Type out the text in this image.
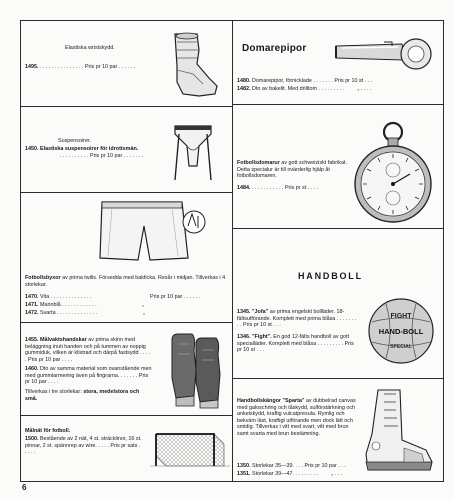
Elastiska wristskydd.
1495. . . . . . . . . . . . . . . . Pris pr 10 par . . . . . .
Suspensoirer.
1450. Elastiska suspensoirer för idrottsmän.
. . . . . . . . . . Pris pr 10 par . . . . . . .
Fotbollsbyxor av prima twills. Försedda med bakficka. Resår i midjan. Tillverkas i 4 storlekar.
Pris pr 10 par . . . . . .
1470. Vita . . . . . . . . . . . . . .
1471. Marinblå . . . . . . . . . . . .	„
1472. Svarta . . . . . . . . . . . . . .	„
1455. Målvaktshandskar av prima skinn med beläggning inuti handen och på tummen av noppig gummiduk, vilken är klistrad och därpå fastsydd . . . . . Pris pr 10 par . . . .
1460. Dto av samma material som ovanstående men med gummiarmering även på fingrarna. . . . . . . Pris pr 10 par . . . .
Tillverkas i tre storlekar: stora, medelstora och små.
Målnät för fotboll.
1500. Bestående av 2 nät, 4 st. sträcklinor, 16 st. pinnar, 2 st. spännrep av wire. . . . . Pris pr sats . . . . .
Domarepipor
1480. Domarepipor, förnicklade . . . . . . . Pris pr 10 st . . .
1482. Dto av bakelit. Med drilltom . . . . . . . . . „ . . . .
Fotbollsdomarur av gott schweiziskt fabrikat. Detta specialur är till ovärderlig hjälp åt fotbollsdomaren.
1484. . . . . . . . . . . . Pris pr st . . . .
HANDBOLL
1345. "Jofa" av prima engelskt bollläder. 18-fältsutförande. Komplett med prima blåsa . . . . . . . . . Pris pr 10 st . . .
1346. "Fight". En god 12-fälts handboll av gott specialläder. Komplett med blåsa . . . . . . . . . Pris pr 10 st . . .
FIGHT
HAND-BOLL
SPECIAL
Handbollskängor "Sparta" av dubbelrad canvas med galoschring och tåskydd, sulförstärkning och ankelskydd, kraftig vulcatpresula. Rymlig och bekväm läst, kraftigt utförande men dock lätt och smidig. Tillverkas i vitt med svart, vitt med brun samt svarta med brun bestämning.
1350. Storlekar 35—39. . . . Pris pr 10 par . . .
1351. Storlekar 39—47. . . . . . . . . „ . . .
6
